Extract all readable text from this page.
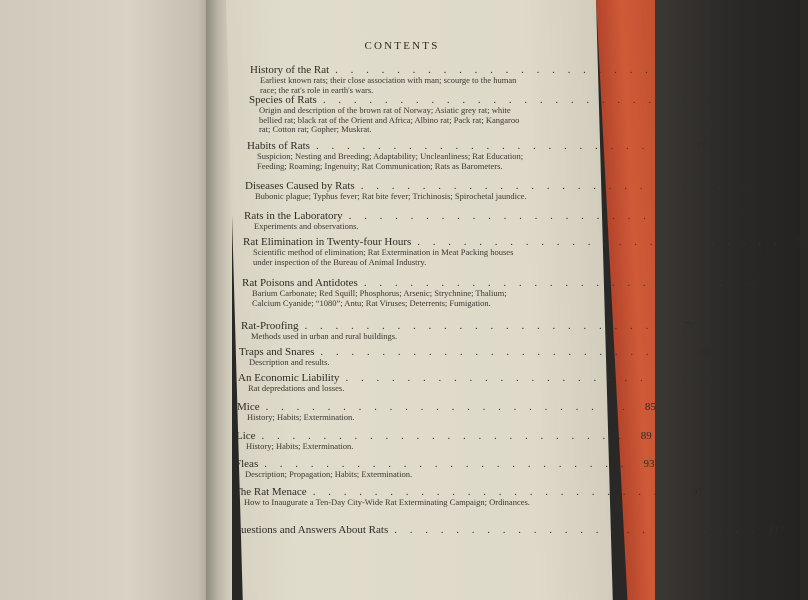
CONTENTS
History of the Rat . . . . . . . . . . . . . . . . . . . . . . . .	3
Earliest known rats; their close association with man; scourge to the human race; the rat's role in earth's wars.
Species of Rats . . . . . . . . . . . . . . . . . . . . . . . .	8
Origin and description of the brown rat of Norway; Asiatic grey rat; white bellied rat; black rat of the Orient and Africa; Albino rat; Pack rat; Kangaroo rat; Cotton rat; Gopher; Muskrat.
Habits of Rats . . . . . . . . . . . . . . . . . . . . . . . .	17
Suspicion; Nesting and Breeding; Adaptability; Uncleanliness; Rat Education; Feeding; Roaming; Ingenuity; Rat Communication; Rats as Barometers.
Diseases Caused by Rats . . . . . . . . . . . . . . . . . . . . . . . .	32
Bubonic plague; Typhus fever; Rat bite fever; Trichinosis; Spirochetal jaundice.
Rats in the Laboratory . . . . . . . . . . . . . . . . . . . . . . . .	49
Experiments and observations.
Rat Elimination in Twenty-four Hours . . . . . . . . . . . . . . . . . . . . . . . .	55
Scientific method of elimination; Rat Extermination in Meat Packing houses under inspection of the Bureau of Animal Industry.
Rat Poisons and Antidotes . . . . . . . . . . . . . . . . . . . . . . . .	64
Barium Carbonate; Red Squill; Phosphorus; Arsenic; Strychnine; Thalium; Calcium Cyanide; “1080”; Antu; Rat Viruses; Deterrents; Fumigation.
Rat-Proofing . . . . . . . . . . . . . . . . . . . . . . . .	77
Methods used in urban and rural buildings.
Traps and Snares . . . . . . . . . . . . . . . . . . . . . . . .	80
Description and results.
An Economic Liability . . . . . . . . . . . . . . . . . . . . . . . .	82
Rat depredations and losses.
Mice . . . . . . . . . . . . . . . . . . . . . . . .	85
History; Habits; Extermination.
Lice . . . . . . . . . . . . . . . . . . . . . . . .	89
History; Habits; Extermination.
Fleas . . . . . . . . . . . . . . . . . . . . . . . .	93
Description; Propagation; Habits; Extermination.
The Rat Menace . . . . . . . . . . . . . . . . . . . . . . . .	97
How to Inaugurate a Ten-Day City-Wide Rat Exterminating Campaign; Ordinances.
Questions and Answers About Rats . . . . . . . . . . . . . . . . . . . . . . . . 117
